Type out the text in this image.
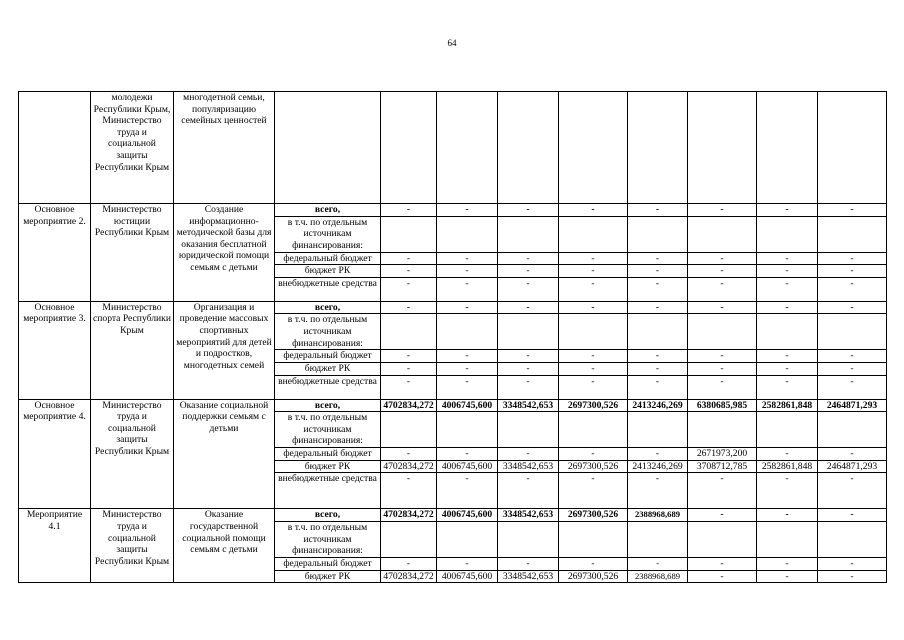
64
	молодежи Республики Крым, Министерство труда и социальной защиты Республики Крым	многодетной семьи, популяризацию семейных ценностей									
Основное мероприятие 2.	Министерство юстиции Республики Крым	Создание информационно-методической базы для оказания бесплатной юридической помощи семьям с детьми	всего,	-	-	-	-	-	-	-	-
			в т.ч. по отдельным источникам финансирования:								
			федеральный бюджет	-	-	-	-	-	-	-	-
			бюджет РК	-	-	-	-	-	-	-	-
			внебюджетные средства	-	-	-	-	-	-	-	-
Основное мероприятие 3.	Министерство спорта Республики Крым	Организация и проведение массовых спортивных мероприятий для детей и подростков, многодетных семей	всего,	-	-	-	-	-	-	-	-
			в т.ч. по отдельным источникам финансирования:								
			федеральный бюджет	-	-	-	-	-	-	-	-
			бюджет РК	-	-	-	-	-	-	-	-
			внебюджетные средства	-	-	-	-	-	-	-	-
Основное мероприятие 4.	Министерство труда и социальной защиты Республики Крым	Оказание социальной поддержки семьям с детьми	всего,	4702834,272	4006745,600	3348542,653	2697300,526	2413246,269	6380685,985	2582861,848	2464871,293
			в т.ч. по отдельным источникам финансирования:								
			федеральный бюджет	-	-	-	-	-	2671973,200	-	-
			бюджет РК	4702834,272	4006745,600	3348542,653	2697300,526	2413246,269	3708712,785	2582861,848	2464871,293
			внебюджетные средства	-	-	-	-	-	-	-	-
Мероприятие 4.1	Министерство труда и социальной защиты Республики Крым	Оказание государственной социальной помощи семьям с детьми	всего,	4702834,272	4006745,600	3348542,653	2697300,526	2388968,689	-	-	-
			в т.ч. по отдельным источникам финансирования:								
			федеральный бюджет	-	-	-	-	-	-	-	-
			бюджет РК	4702834,272	4006745,600	3348542,653	2697300,526	2388968,689	-	-	-
